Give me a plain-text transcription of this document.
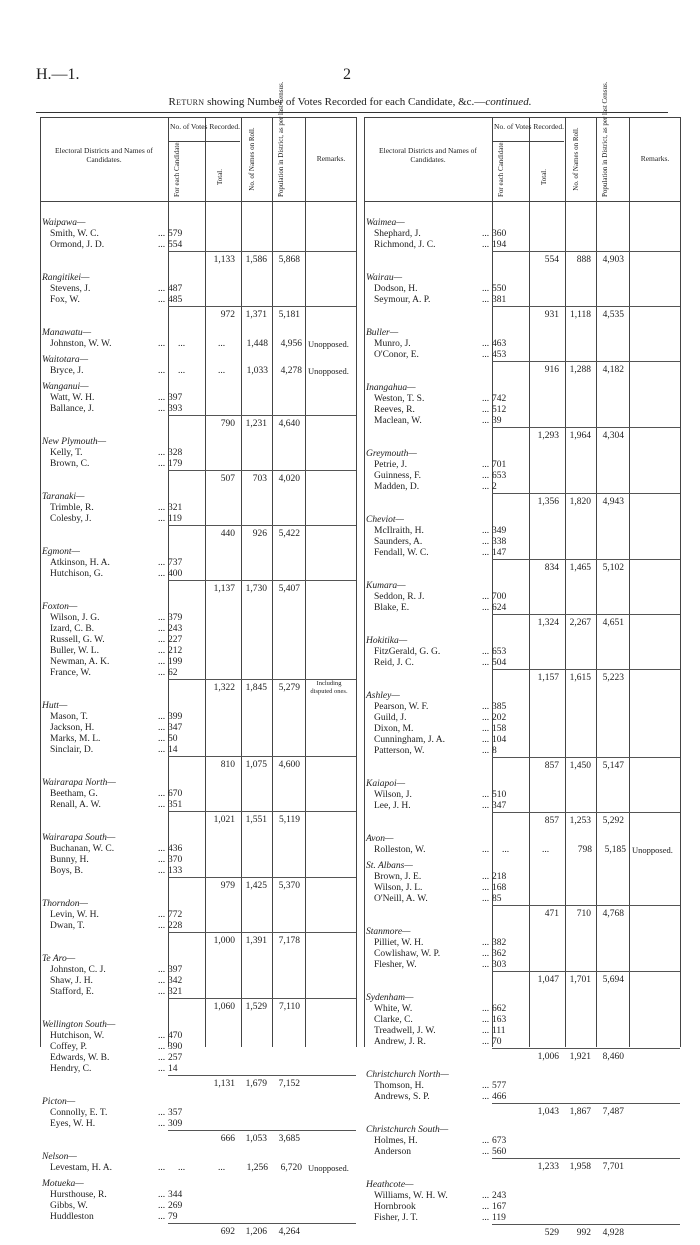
H.—1.	2
Return showing Number of Votes Recorded for each Candidate, &c.—continued.
Electoral Districts and Names of Candidates.
No. of Votes Recorded.
Remarks.
For each Candidate.	Total.	No. of Names on Roll.	Population in District, as per last Census.
Waipawa—
Smith, W. C.	... 579
Ormond, J. D.	... 554
1,133	1,586	5,868
Rangitikei—
Stevens, J.	... 487
Fox, W.	... 485
972	1,371	5,181
Manawatu—
Johnston, W. W.	... ...	...	1,448	4,956 Unopposed.
Waitotara—
Bryce, J.	... ...	...	1,033	4,278 Unopposed.
Wanganui—
Watt, W. H.	... 397
Ballance, J.	... 393
790	1,231	4,640
New Plymouth—
Kelly, T.	... 328
Brown, C.	... 179
507	703	4,020
Taranaki—
Trimble, R.	... 321
Colesby, J.	... 119
440	926	5,422
Egmont—
Atkinson, H. A.	... 737
Hutchison, G.	... 400
1,137	1,730	5,407
Foxton—
Wilson, J. G.	... 379
Izard, C. B.	... 243
Russell, G. W.	... 227
Buller, W. L.	... 212
Newman, A. K.	... 199
France, W.	... 62
1,322	1,845	5,279	Including disputed ones.
Hutt—
Mason, T.	... 399
Jackson, H.	... 347
Marks, M. L.	... 50
Sinclair, D.	... 14
810	1,075	4,600
Wairarapa North—
Beetham, G.	... 670
Renall, A. W.	... 351
1,021	1,551	5,119
Wairarapa South—
Buchanan, W. C.	... 436
Bunny, H.	... 370
Boys, B.	... 133
979	1,425	5,370
Thorndon—
Levin, W. H.	... 772
Dwan, T.	... 228
1,000	1,391	7,178
Te Aro—
Johnston, C. J.	... 397
Shaw, J. H.	... 342
Stafford, E.	... 321
1,060	1,529	7,110
Wellington South—
Hutchison, W.	... 470
Coffey, P.	... 390
Edwards, W. B.	... 257
Hendry, C.	... 14
1,131	1,679	7,152
Picton—
Connolly, E. T.	... 357
Eyes, W. H.	... 309
666	1,053	3,685
Nelson—
Levestam, H. A.	... ...	...	1,256	6,720 Unopposed.
Motueka—
Hursthouse, R.	... 344
Gibbs, W.	... 269
Huddleston	... 79
692	1,206	4,264
Electoral Districts and Names of Candidates.
No. of Votes Recorded.
Remarks.
For each Candidate.	Total.	No. of Names on Roll.	Population in District, as per last Census.
Waimea—
Shephard, J.	... 360
Richmond, J. C.	... 194
554	888	4,903
Wairau—
Dodson, H.	... 550
Seymour, A. P.	... 381
931	1,118	4,535
Buller—
Munro, J.	... 463
O'Conor, E.	... 453
916	1,288	4,182
Inangahua—
Weston, T. S.	... 742
Reeves, R.	... 512
Maclean, W.	... 39
1,293	1,964	4,304
Greymouth—
Petrie, J.	... 701
Guinness, F.	... 653
Madden, D.	... 2
1,356	1,820	4,943
Cheviot—
McIlraith, H.	... 349
Saunders, A.	... 338
Fendall, W. C.	... 147
834	1,465	5,102
Kumara—
Seddon, R. J.	... 700
Blake, E.	... 624
1,324	2,267	4,651
Hokitika—
FitzGerald, G. G.	... 653
Reid, J. C.	... 504
1,157	1,615	5,223
Ashley—
Pearson, W. F.	... 385
Guild, J.	... 202
Dixon, M.	... 158
Cunningham, J. A.	... 104
Patterson, W.	... 8
857	1,450	5,147
Kaiapoi—
Wilson, J.	... 510
Lee, J. H.	... 347
857	1,253	5,292
Avon—
Rolleston, W.	... ...	...	798	5,185 Unopposed.
St. Albans—
Brown, J. E.	... 218
Wilson, J. L.	... 168
O'Neill, A. W.	... 85
471	710	4,768
Stanmore—
Pilliet, W. H.	... 382
Cowlishaw, W. P.	... 362
Flesher, W.	... 303
1,047	1,701	5,694
Sydenham—
White, W.	... 662
Clarke, C.	... 163
Treadwell, J. W.	... 111
Andrew, J. R.	... 70
1,006	1,921	8,460
Christchurch North—
Thomson, H.	... 577
Andrews, S. P.	... 466
1,043	1,867	7,487
Christchurch South—
Holmes, H.	... 673
Anderson	... 560
1,233	1,958	7,701
Heathcote—
Williams, W. H. W.	... 243
Hornbrook	... 167
Fisher, J. T.	... 119
529	992	4,928
